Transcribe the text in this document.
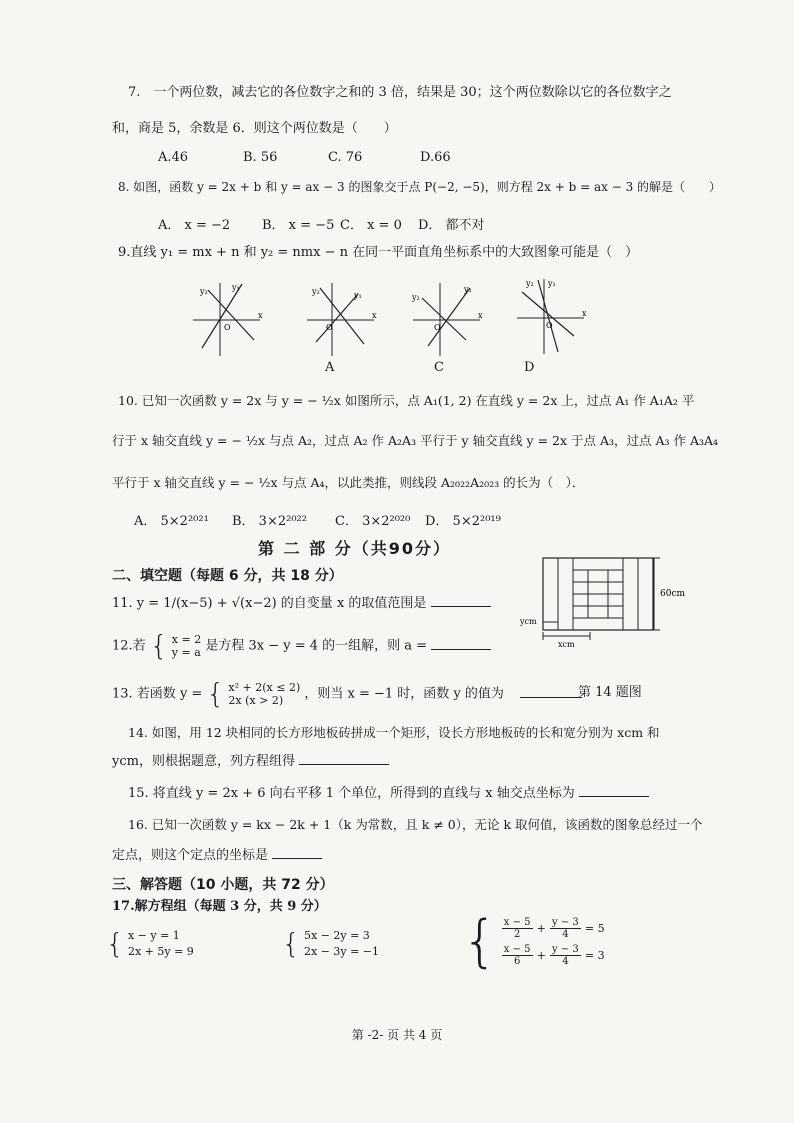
7.　一个两位数，减去它的各位数字之和的 3 倍，结果是 30；这个两位数除以它的各位数字之
和，商是 5，余数是 6．则这个两位数是（　　）
A.46	B. 56	C. 76	D.66
8. 如图，函数 y = 2x + b 和 y = ax − 3 的图象交于点 P(−2, −5)，则方程 2x + b = ax − 3 的解是（　　）
A． x = −2 B． x = −5 C． x = 0 D． 都不对
9.直线 y₁ = mx + n 和 y₂ = nmx − n 在同一平面直角坐标系中的大致图象可能是（　）
O
x
y₂	y₁
O
x
y₂	y₁
O
x
y₂
y₁
O
x
y₂ y₁
A	C	D
10. 已知一次函数 y = 2x 与 y = − ½x 如图所示，点 A₁(1, 2) 在直线 y = 2x 上，过点 A₁ 作 A₁A₂ 平
行于 x 轴交直线 y = − ½x 与点 A₂，过点 A₂ 作 A₂A₃ 平行于 y 轴交直线 y = 2x 于点 A₃，过点 A₃ 作 A₃A₄
平行于 x 轴交直线 y = − ½x 与点 A₄，以此类推，则线段 A₂₀₂₂A₂₀₂₃ 的长为（　）．
A． 5×2²⁰²¹ B． 3×2²⁰²² C． 3×2²⁰²⁰ D． 5×2²⁰¹⁹
第 二 部 分（共90分）
二、填空题（每题 6 分，共 18 分）
11. y = 1/(x−5) + √(x−2) 的自变量 x 的取值范围是
12.若 { x = 2
y = a 是方程 3x − y = 4 的一组解，则 a =
13. 若函数 y = { x² + 2(x ≤ 2)
2x (x > 2)	，则当 x = −1 时，函数 y 的值为	第 14 题图
60cm
ycm
xcm
14. 如图，用 12 块相同的长方形地板砖拼成一个矩形，设长方形地板砖的长和宽分别为 xcm 和
ycm，则根据题意，列方程组得
15. 将直线 y = 2x + 6 向右平移 1 个单位，所得到的直线与 x 轴交点坐标为
16. 已知一次函数 y = kx − 2k + 1（k 为常数，且 k ≠ 0），无论 k 取何值，该函数的图象总经过一个
定点，则这个定点的坐标是
三、解答题（10 小题，共 72 分）
17.解方程组（每题 3 分，共 9 分）
{ x − y = 1
2x + 5y = 9	{ 5x − 2y = 3
2x − 3y = −1 { $\frac{x - 5}{2} + \frac{y - 3}{4} = 5$
$\frac{x - 5}{6} + \frac{y - 3}{4} = 3$
第 -2- 页 共 4 页
